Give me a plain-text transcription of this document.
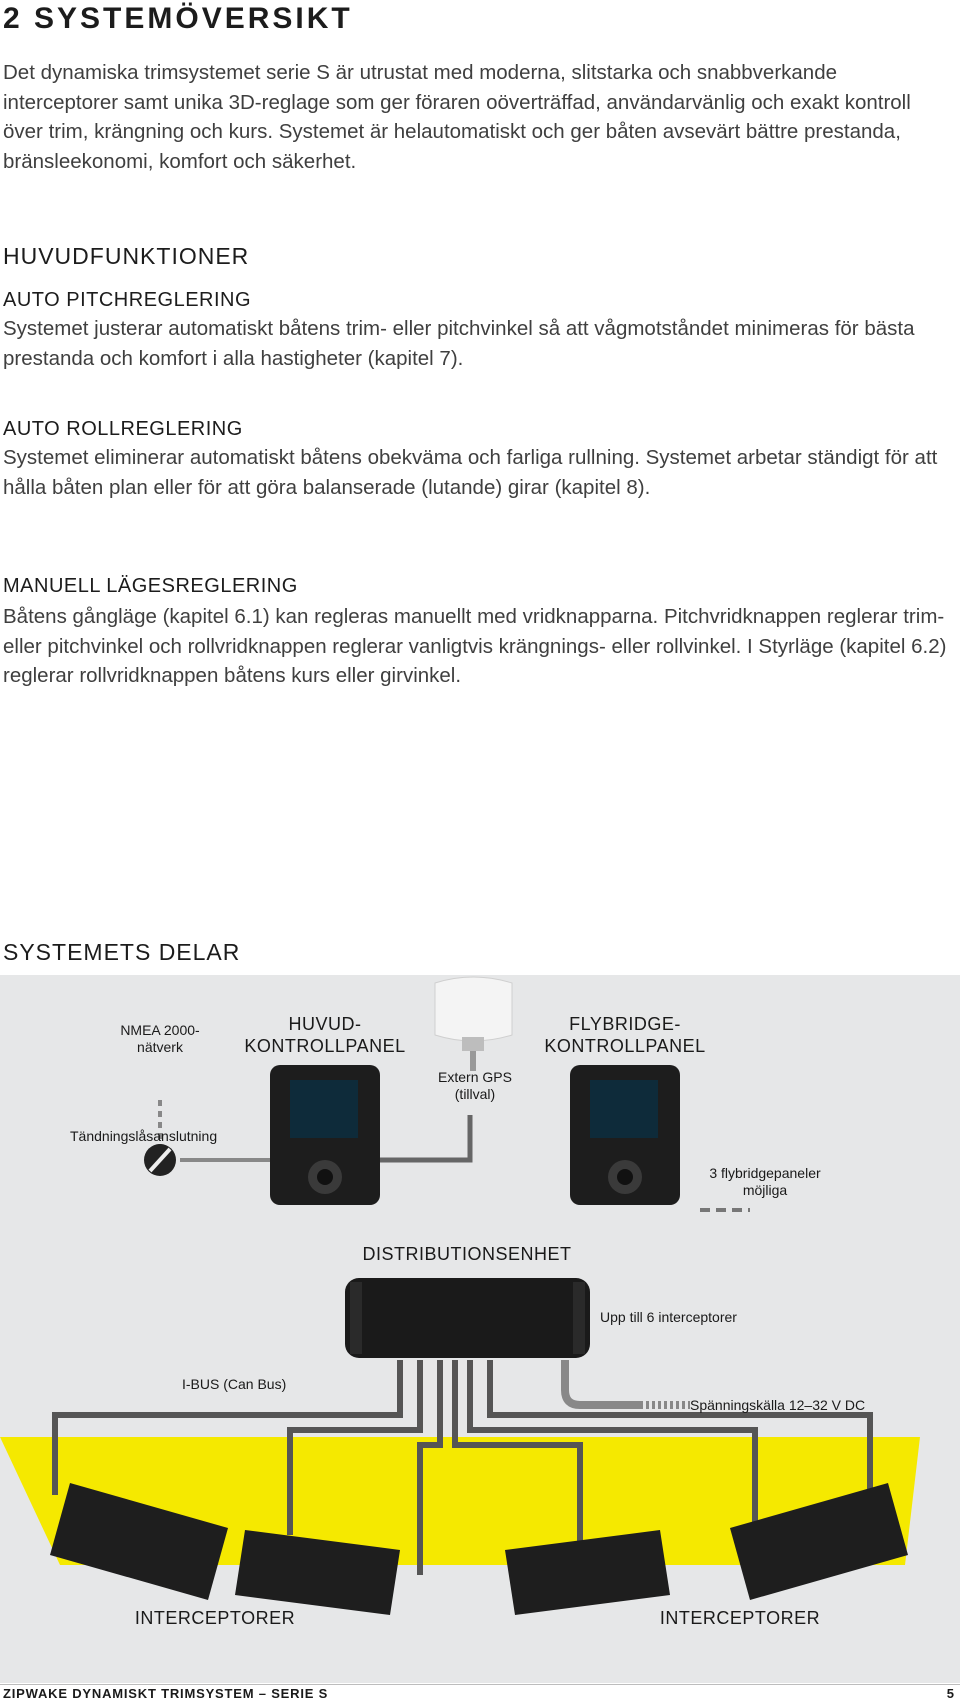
2 SYSTEMÖVERSIKT
Det dynamiska trimsystemet serie S är utrustat med moderna, slitstarka och snabbverkande interceptorer samt unika 3D-reglage som ger föraren oöverträffad, användarvänlig och exakt kontroll över trim, krängning och kurs. Systemet är helautomatiskt och ger båten avsevärt bättre prestanda, bränsleekonomi, komfort och säkerhet.
HUVUDFUNKTIONER
AUTO PITCHREGLERING
Systemet justerar automatiskt båtens trim- eller pitchvinkel så att vågmotståndet minimeras för bästa prestanda och komfort i alla hastigheter (kapitel 7).
AUTO ROLLREGLERING
Systemet eliminerar automatiskt båtens obekväma och farliga rullning. Systemet arbetar ständigt för att hålla båten plan eller för att göra balanserade (lutande) girar (kapitel 8).
MANUELL LÄGESREGLERING
Båtens gångläge (kapitel 6.1) kan regleras manuellt med vridknapparna. Pitchvridknappen reglerar trim- eller pitchvinkel och rollvridknappen reglerar vanligtvis krängnings- eller rollvinkel. I Styrläge (kapitel 6.2) reglerar rollvridknappen båtens kurs eller girvinkel.
SYSTEMETS DELAR
NMEA 2000-
nätverk
HUVUD-
KONTROLLPANEL
FLYBRIDGE-
KONTROLLPANEL
Extern GPS
(tillval)
Tändningslåsanslutning
3 flybridgepaneler
möjliga
DISTRIBUTIONSENHET
Upp till 6 interceptorer
I-BUS (Can Bus)
Spänningskälla 12–32 V DC
INTERCEPTORER	INTERCEPTORER
ZIPWAKE DYNAMISKT TRIMSYSTEM – SERIE S	5
